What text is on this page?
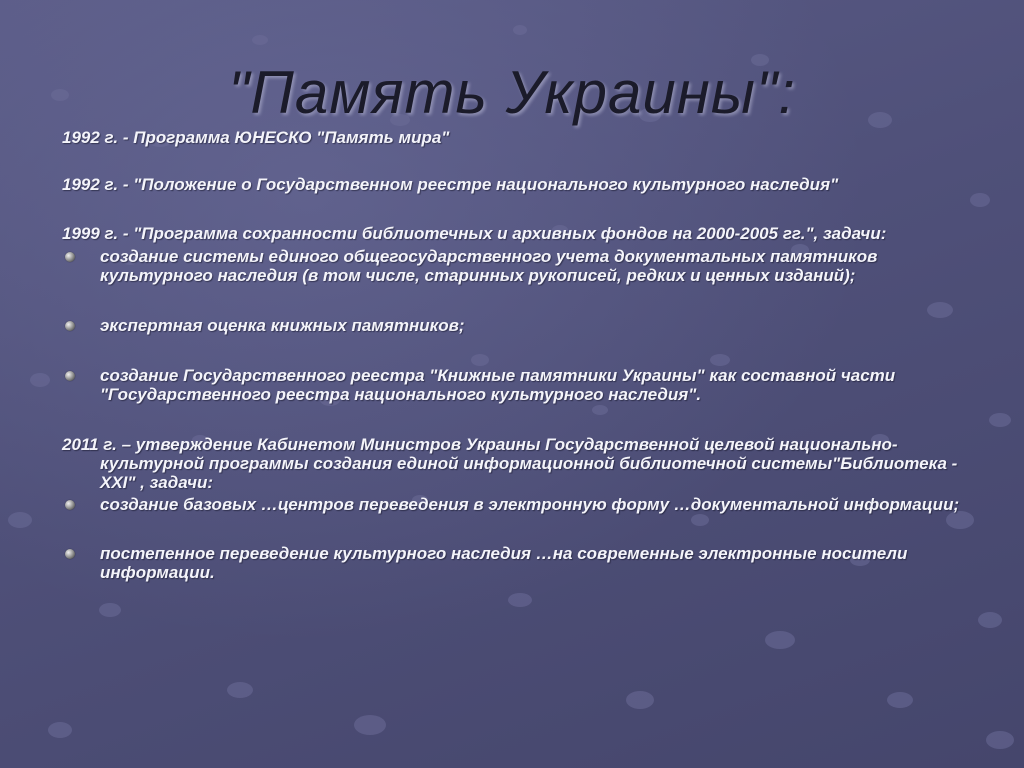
"Память Украины":

1992 г. - Программа ЮНЕСКО "Память мира"

1992 г. - "Положение о Государственном реестре национального культурного наследия"

1999 г. - "Программа сохранности библиотечных и архивных фондов на 2000-2005 гг.", задачи:

создание системы единого общегосударственного учета документальных памятников культурного наследия (в том числе, старинных рукописей, редких и ценных изданий);
экспертная оценка книжных памятников;
создание Государственного реестра "Книжные памятники Украины" как составной части "Государственного реестра национального культурного наследия".

2011 г. – утверждение Кабинетом Министров Украины Государственной целевой национально-культурной программы создания единой информационной библиотечной системы"Библиотека -XXI" , задачи:

создание базовых …центров переведения в электронную форму …документальной информации;
постепенное переведение культурного наследия …на современные электронные носители информации.
